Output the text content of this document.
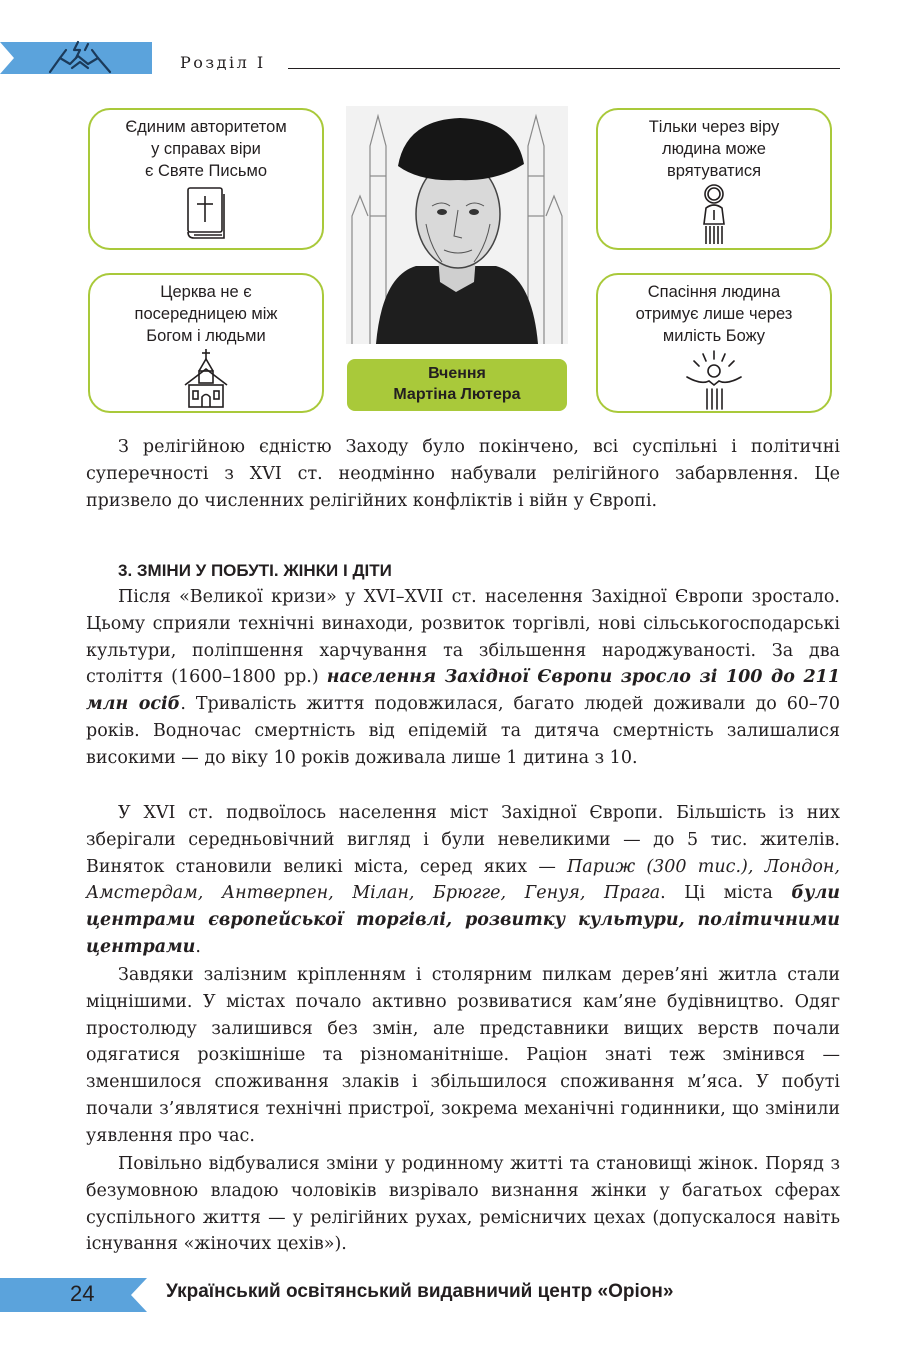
Розділ I
Єдиним авторитетом
у справах віри
є Святе Письмо
Тільки через віру
людина може
врятуватися
Церква не є
посередницею між
Богом і людьми
Спасіння людина
отримує лише через
милість Божу
Вчення
Мартіна Лютера

З релігійною єдністю Заходу було покінчено, всі суспільні і політичні суперечності з XVI ст. неодмінно набували релігійного забарвлення. Це призвело до численних релігійних конфліктів і війн у Європі.

3. ЗМІНИ У ПОБУТІ. ЖІНКИ І ДІТИ

Після «Великої кризи» у XVI–XVII ст. населення Західної Європи зростало. Цьому сприяли технічні винаходи, розвиток торгівлі, нові сільськогосподарські культури, поліпшення харчування та збільшення народжуваності. За два століття (1600–1800 рр.) населення Західної Європи зросло зі 100 до 211 млн осіб. Тривалість життя подовжилася, багато людей доживали до 60–70 років. Водночас смертність від епідемій та дитяча смертність залишалися високими — до віку 10 років доживала лише 1 дитина з 10.

У XVI ст. подвоїлось населення міст Західної Європи. Більшість із них зберігали середньовічний вигляд і були невеликими — до 5 тис. жителів. Виняток становили великі міста, серед яких — Париж (300 тис.), Лондон, Амстердам, Антверпен, Мілан, Брюгге, Генуя, Прага. Ці міста були центрами європейської торгівлі, розвитку культури, політичними центрами.

Завдяки залізним кріпленням і столярним пилкам дерев’яні житла стали міцнішими. У містах почало активно розвиватися кам’яне будівництво. Одяг простолюду залишився без змін, але представники вищих верств почали одягатися розкішніше та різноманітніше. Раціон знаті теж змінився — зменшилося споживання злаків і збільшилося споживання м’яса. У побуті почали з’являтися технічні пристрої, зокрема механічні годинники, що змінили уявлення про час.

Повільно відбувалися зміни у родинному житті та становищі жінок. Поряд з безумовною владою чоловіків визрівало визнання жінки у багатьох сферах суспільного життя — у релігійних рухах, ремісничих цехах (допускалося навіть існування «жіночих цехів»).

24	Український освітянський видавничий центр «Оріон»
